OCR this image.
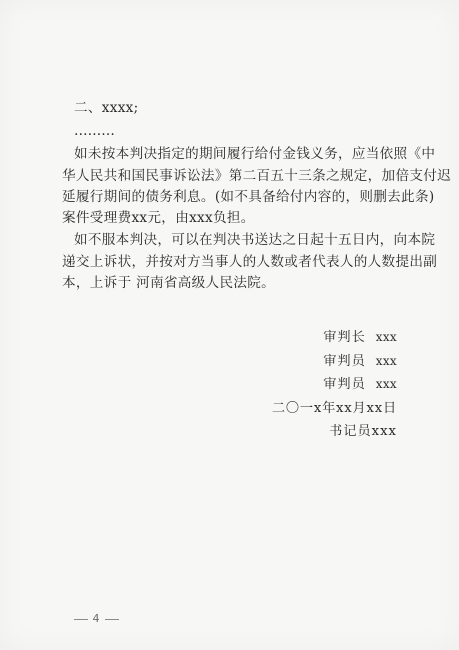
二、xxxx;
………
如未按本判决指定的期间履行给付金钱义务，应当依照《中
华人民共和国民事诉讼法》第二百五十三条之规定，加倍支付迟
延履行期间的债务利息。(如不具备给付内容的，则删去此条)
案件受理费xx元，由xxx负担。
如不服本判决，可以在判决书送达之日起十五日内，向本院
递交上诉状，并按对方当事人的人数或者代表人的人数提出副
本，上诉于 河南省高级人民法院。
审判长 xxx
审判员 xxx
审判员 xxx
二〇一x年xx月xx日
书记员xxx
4
